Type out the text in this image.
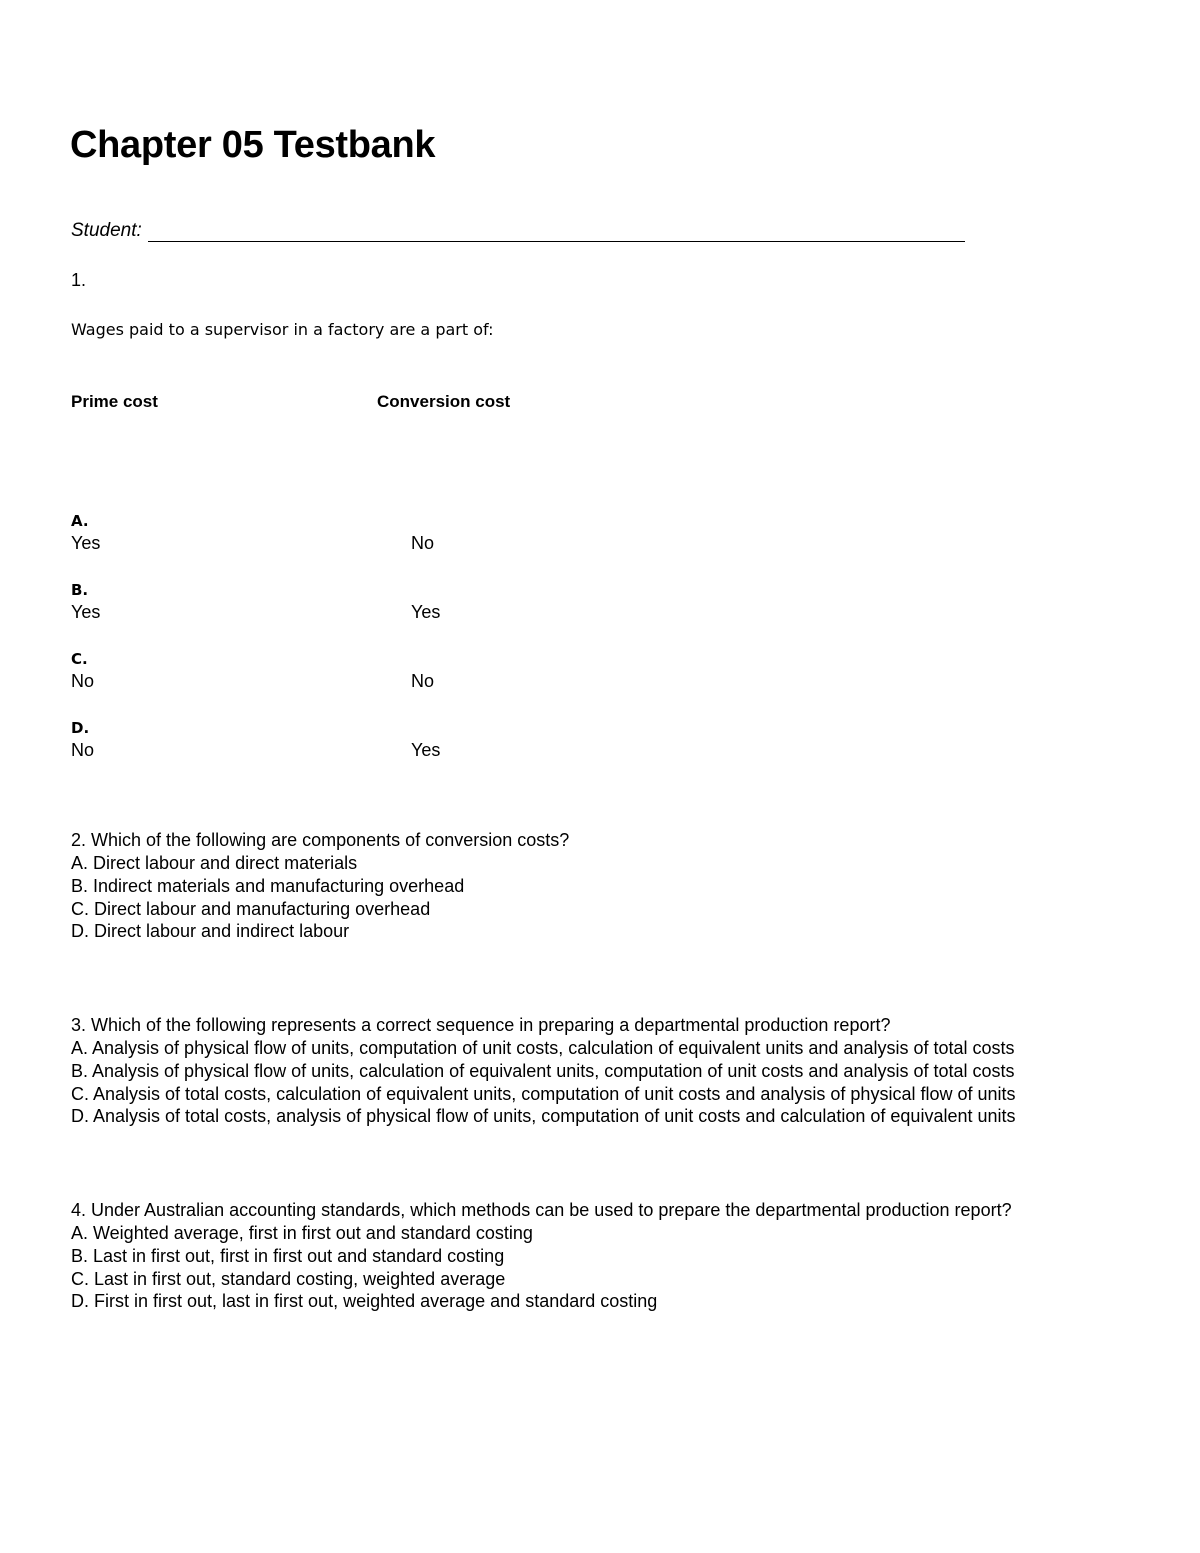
Chapter 05 Testbank
Student:
1.
Wages paid to a supervisor in a factory are a part of:
Prime cost	Conversion cost
A.
Yes	No
B.
Yes	Yes
C.
No	No
D.
No	Yes
2. Which of the following are components of conversion costs?
A. Direct labour and direct materials
B. Indirect materials and manufacturing overhead
C. Direct labour and manufacturing overhead
D. Direct labour and indirect labour
3. Which of the following represents a correct sequence in preparing a departmental production report?
A. Analysis of physical flow of units, computation of unit costs, calculation of equivalent units and analysis of total costs
B. Analysis of physical flow of units, calculation of equivalent units, computation of unit costs and analysis of total costs
C. Analysis of total costs, calculation of equivalent units, computation of unit costs and analysis of physical flow of units
D. Analysis of total costs, analysis of physical flow of units, computation of unit costs and calculation of equivalent units
4. Under Australian accounting standards, which methods can be used to prepare the departmental production report?
A. Weighted average, first in first out and standard costing
B. Last in first out, first in first out and standard costing
C. Last in first out, standard costing, weighted average
D. First in first out, last in first out, weighted average and standard costing
